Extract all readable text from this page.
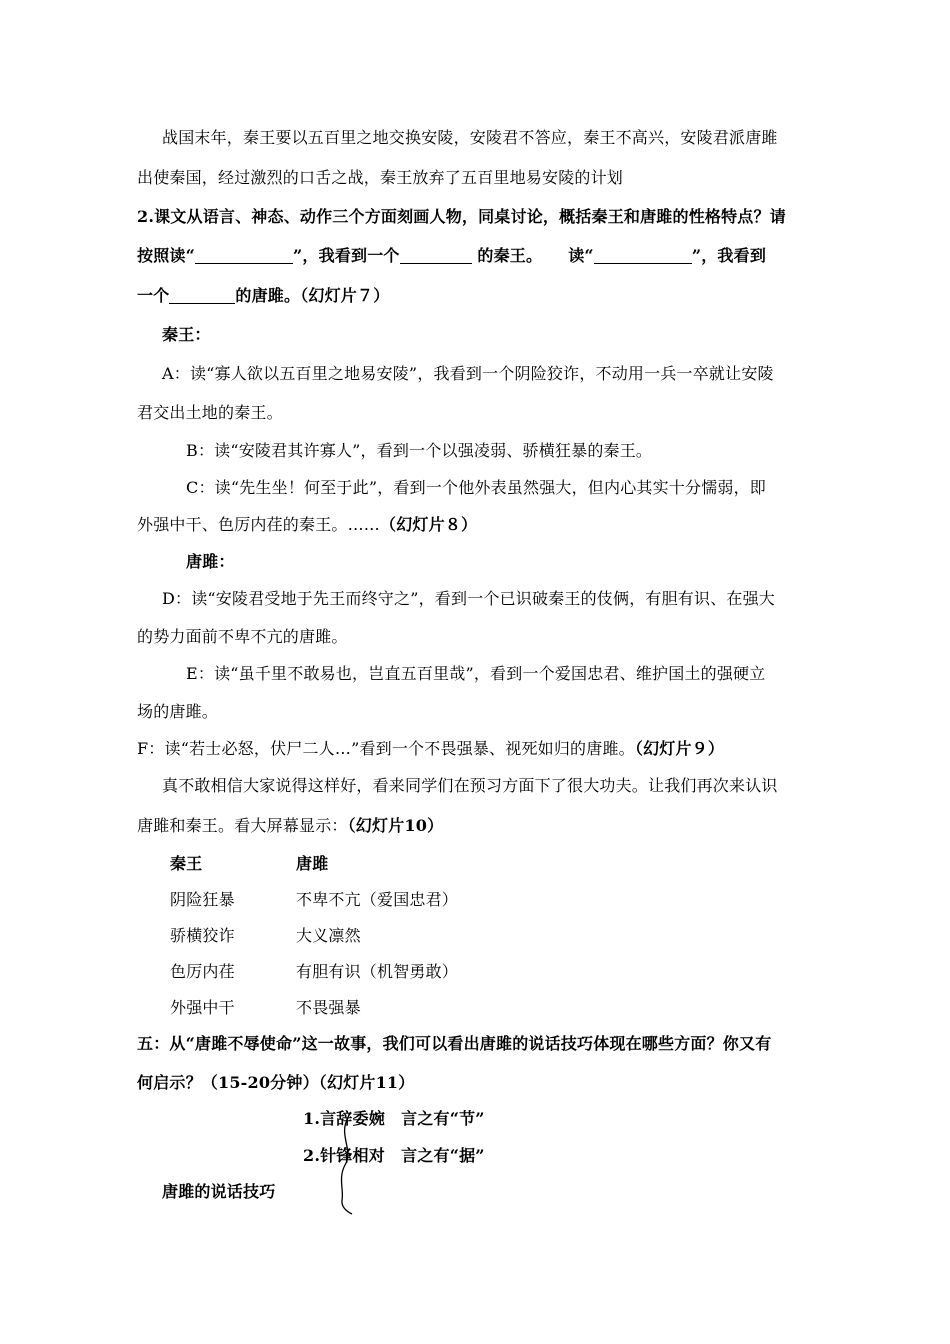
战国末年，秦王要以五百里之地交换安陵，安陵君不答应，秦王不高兴，安陵君派唐雎
出使秦国，经过激烈的口舌之战，秦王放弃了五百里地易安陵的计划
2.课文从语言、神态、动作三个方面刻画人物，同桌讨论，概括秦王和唐雎的性格特点？请
按照读“	”，我看到一个	的秦王。 读“	”，我看到
一个	的唐雎。（幻灯片７）
秦王：
A：读“寡人欲以五百里之地易安陵”，我看到一个阴险狡诈，不动用一兵一卒就让安陵
君交出土地的秦王。
B：读“安陵君其许寡人”，看到一个以强凌弱、骄横狂暴的秦王。
C：读“先生坐！何至于此”，看到一个他外表虽然强大，但内心其实十分懦弱，即
外强中干、色厉内荏的秦王。……（幻灯片８）
唐雎：
D：读“安陵君受地于先王而终守之”，看到一个已识破秦王的伎俩，有胆有识、在强大
的势力面前不卑不亢的唐雎。
E：读“虽千里不敢易也，岂直五百里哉”，看到一个爱国忠君、维护国土的强硬立
场的唐雎。
F：读“若士必怒，伏尸二人…”看到一个不畏强暴、视死如归的唐雎。（幻灯片９）
真不敢相信大家说得这样好，看来同学们在预习方面下了很大功夫。让我们再次来认识
唐雎和秦王。看大屏幕显示：（幻灯片10）
秦王	唐雎
阴险狂暴	不卑不亢（爱国忠君）
骄横狡诈	大义凛然
色厉内荏	有胆有识（机智勇敢）
外强中干	不畏强暴
五：从“唐雎不辱使命”这一故事，我们可以看出唐雎的说话技巧体现在哪些方面？你又有
何启示？（15-20分钟）（幻灯片11）
1.言辞委婉　言之有“节”
2.针锋相对　言之有“据”
唐雎的说话技巧
